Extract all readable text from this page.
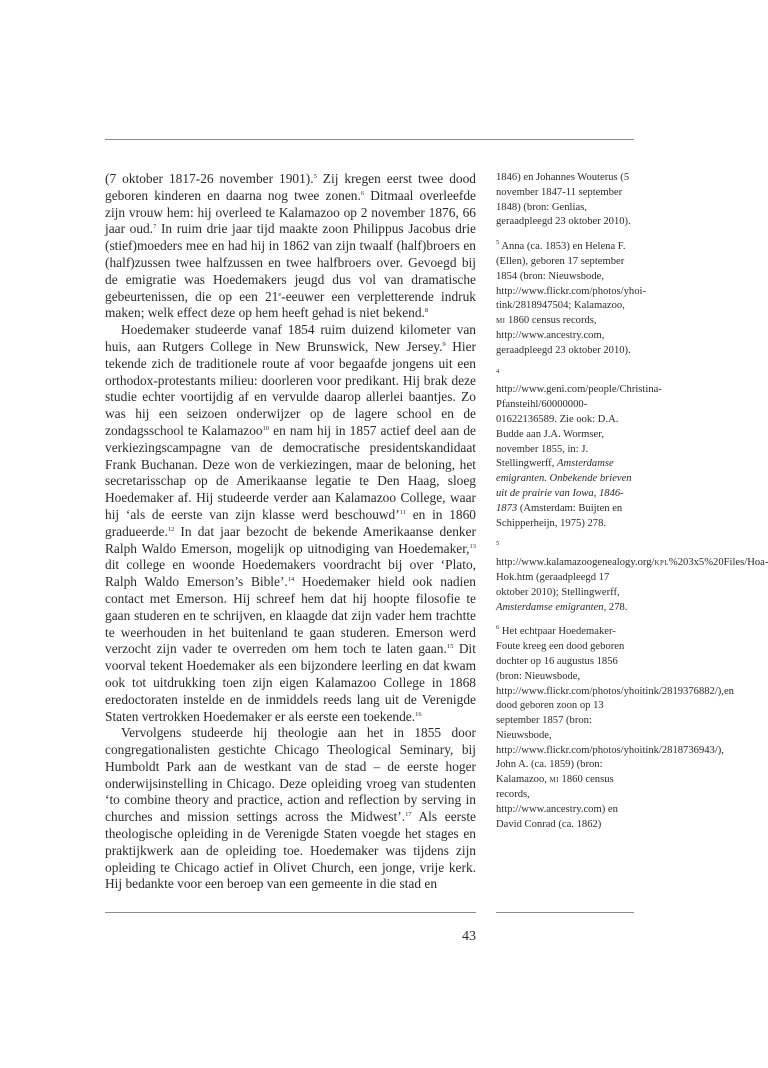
(7 oktober 1817-26 november 1901).$^5$ Zij kregen eerst twee dood geboren kinderen en daarna nog twee zonen.$^6$ Ditmaal overleefde zijn vrouw hem: hij overleed te Kalamazoo op 2 november 1876, 66 jaar oud.$^7$ In ruim drie jaar tijd maakte zoon Philippus Jacobus drie (stief)moeders mee en had hij in 1862 van zijn twaalf (half)broers en (half)zussen twee halfzussen en twee halfbroers over. Gevoegd bij de emigratie was Hoedemakers jeugd dus vol van dramatische gebeurtenissen, die op een 21e-eeuwer een verpletterende indruk maken; welk effect deze op hem heeft gehad is niet bekend.$^8$

Hoedemaker studeerde vanaf 1854 ruim duizend kilometer van huis, aan Rutgers College in New Brunswick, New Jersey.$^9$ Hier tekende zich de traditionele route af voor begaafde jongens uit een orthodox-protestants milieu: doorleren voor predikant. Hij brak deze studie echter voortijdig af en vervulde daarop allerlei baantjes. Zo was hij een seizoen onderwijzer op de lagere school en de zondagsschool te Kalamazoo$^{10}$ en nam hij in 1857 actief deel aan de verkiezingscampagne van de democratische presidentskandidaat Frank Buchanan. Deze won de verkiezingen, maar de beloning, het secretarisschap op de Amerikaanse legatie te Den Haag, sloeg Hoedemaker af. Hij studeerde verder aan Kalamazoo College, waar hij ‘als de eerste van zijn klasse werd beschouwd’$^{11}$ en in 1860 gradueerde.$^{12}$ In dat jaar bezocht de bekende Amerikaanse denker Ralph Waldo Emerson, mogelijk op uitnodiging van Hoedemaker,$^{13}$ dit college en woonde Hoedemakers voordracht bij over ‘Plato, Ralph Waldo Emerson’s Bible’.$^{14}$ Hoedemaker hield ook nadien contact met Emerson. Hij schreef hem dat hij hoopte filosofie te gaan studeren en te schrijven, en klaagde dat zijn vader hem trachtte te weerhouden in het buitenland te gaan studeren. Emerson werd verzocht zijn vader te overreden om hem toch te laten gaan.$^{15}$ Dit voorval tekent Hoedemaker als een bijzondere leerling en dat kwam ook tot uitdrukking toen zijn eigen Kalamazoo College in 1868 eredoctoraten instelde en de inmiddels reeds lang uit de Verenigde Staten vertrokken Hoedemaker er als eerste een toekende.$^{16}$

Vervolgens studeerde hij theologie aan het in 1855 door congregationalisten gestichte Chicago Theological Seminary, bij Humboldt Park aan de westkant van de stad – de eerste hoger onderwijsinstelling in Chicago. Deze opleiding vroeg van studenten ‘to combine theory and practice, action and reflection by serving in churches and mission settings across the Midwest’.$^{17}$ Als eerste theologische opleiding in de Verenigde Staten voegde het stages en praktijkwerk aan de opleiding toe. Hoedemaker was tijdens zijn opleiding te Chicago actief in Olivet Church, een jonge, vrije kerk. Hij bedankte voor een beroep van een gemeente in die stad en

1846) en Johannes Wouterus (5 november 1847-11 september 1848) (bron: Genlias, geraadpleegd 23 oktober 2010).

$^5$ Anna (ca. 1853) en Helena F. (Ellen), geboren 17 september 1854 (bron: Nieuwsbode, http://www.flickr.com/photos/yhoi-tink/2818947504; Kalamazoo, mi 1860 census records, http://www.ancestry.com, geraadpleegd 23 oktober 2010).

$^4$ http://www.geni.com/people/Christina-Pfansteihl/60000000-01622136589. Zie ook: D.A. Budde aan J.A. Wormser, november 1855, in: J. Stellingwerff, Amsterdamse emigranten. Onbekende brieven uit de prairie van Iowa, 1846-1873 (Amsterdam: Buijten en Schipperheijn, 1975) 278.

$^5$ http://www.kalamazoogenealogy.org/kpl%203x5%20Files/Hoa-Hok.htm (geraadpleegd 17 oktober 2010); Stellingwerff, Amsterdamse emigranten, 278.

$^6$ Het echtpaar Hoedemaker-Foute kreeg een dood geboren dochter op 16 augustus 1856 (bron: Nieuwsbode, http://www.flickr.com/photos/yhoitink/2819376882/),en dood geboren zoon op 13 september 1857 (bron: Nieuwsbode, http://www.flickr.com/photos/yhoitink/2818736943/), John A. (ca. 1859) (bron: Kalamazoo, mi 1860 census records, http://www.ancestry.com) en David Conrad (ca. 1862)

43
